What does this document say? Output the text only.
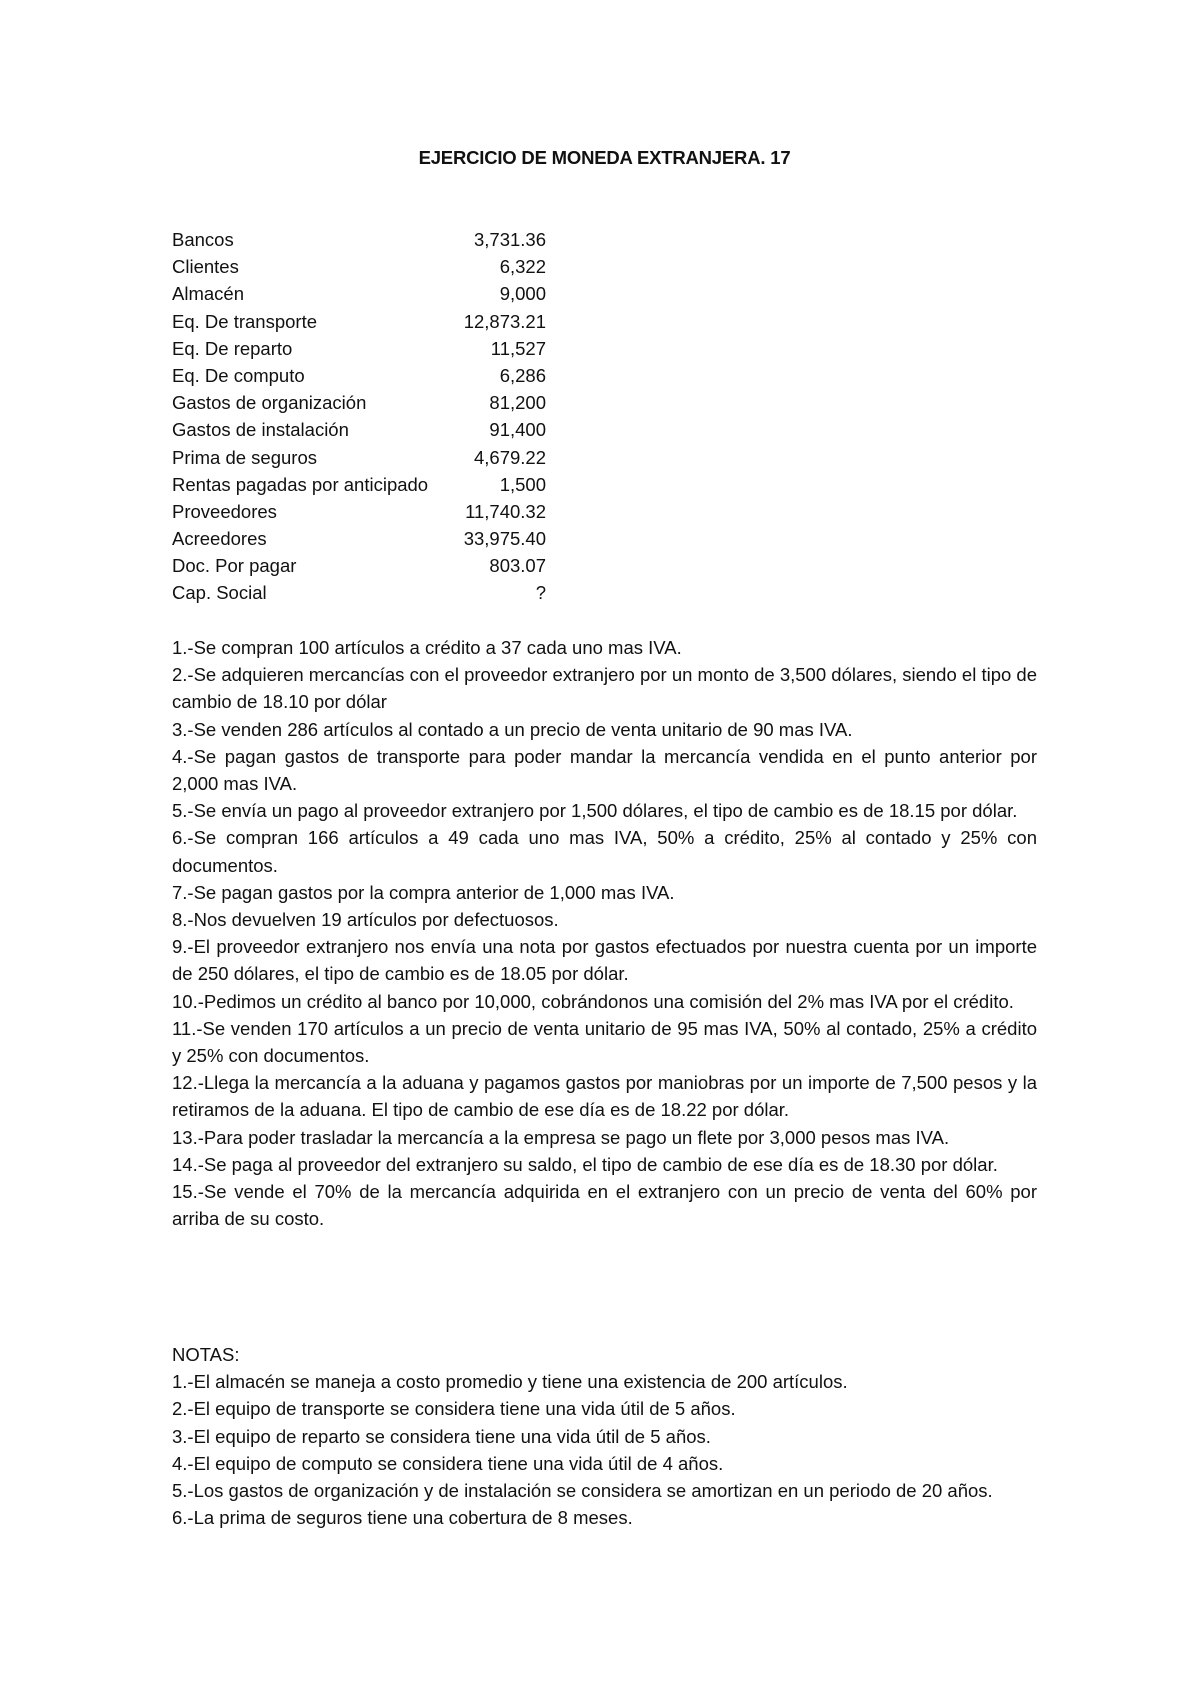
EJERCICIO DE MONEDA EXTRANJERA. 17
Bancos	3,731.36
Clientes	6,322
Almacén	9,000
Eq. De transporte	12,873.21
Eq. De reparto	11,527
Eq. De computo	6,286
Gastos de organización	81,200
Gastos de instalación	91,400
Prima de seguros	4,679.22
Rentas pagadas por anticipado	1,500
Proveedores	11,740.32
Acreedores	33,975.40
Doc. Por pagar	803.07
Cap. Social	?

1.-Se compran 100 artículos a crédito a 37 cada uno mas IVA.

2.-Se adquieren mercancías con el proveedor extranjero por un monto de 3,500 dólares, siendo el tipo de cambio de 18.10 por dólar

3.-Se venden 286 artículos al contado a un precio de venta unitario de 90 mas IVA.

4.-Se pagan gastos de transporte para poder mandar la mercancía vendida en el punto anterior por 2,000 mas IVA.

5.-Se envía un pago al proveedor extranjero por 1,500 dólares, el tipo de cambio es de 18.15 por dólar.

6.-Se compran 166 artículos a 49 cada uno mas IVA, 50% a crédito, 25% al contado y 25% con documentos.

7.-Se pagan gastos por la compra anterior de 1,000 mas IVA.

8.-Nos devuelven 19 artículos por defectuosos.

9.-El proveedor extranjero nos envía una nota por gastos efectuados por nuestra cuenta por un importe de 250 dólares, el tipo de cambio es de 18.05 por dólar.

10.-Pedimos un crédito al banco por 10,000, cobrándonos una comisión del 2% mas IVA por el crédito.

11.-Se venden 170 artículos a un precio de venta unitario de 95 mas IVA, 50% al contado, 25% a crédito y 25% con documentos.

12.-Llega la mercancía a la aduana y pagamos gastos por maniobras por un importe de 7,500 pesos y la retiramos de la aduana. El tipo de cambio de ese día es de 18.22 por dólar.

13.-Para poder trasladar la mercancía a la empresa se pago un flete por 3,000 pesos mas IVA.

14.-Se paga al proveedor del extranjero su saldo, el tipo de cambio de ese día es de 18.30 por dólar.

15.-Se vende el 70% de la mercancía adquirida en el extranjero con un precio de venta del 60% por arriba de su costo.

NOTAS:

1.-El almacén se maneja a costo promedio y tiene una existencia de 200 artículos.

2.-El equipo de transporte se considera tiene una vida útil de 5 años.

3.-El equipo de reparto se considera tiene una vida útil de 5 años.

4.-El equipo de computo se considera tiene una vida útil de 4 años.

5.-Los gastos de organización y de instalación se considera se amortizan en un periodo de 20 años.

6.-La prima de seguros tiene una cobertura de 8 meses.
